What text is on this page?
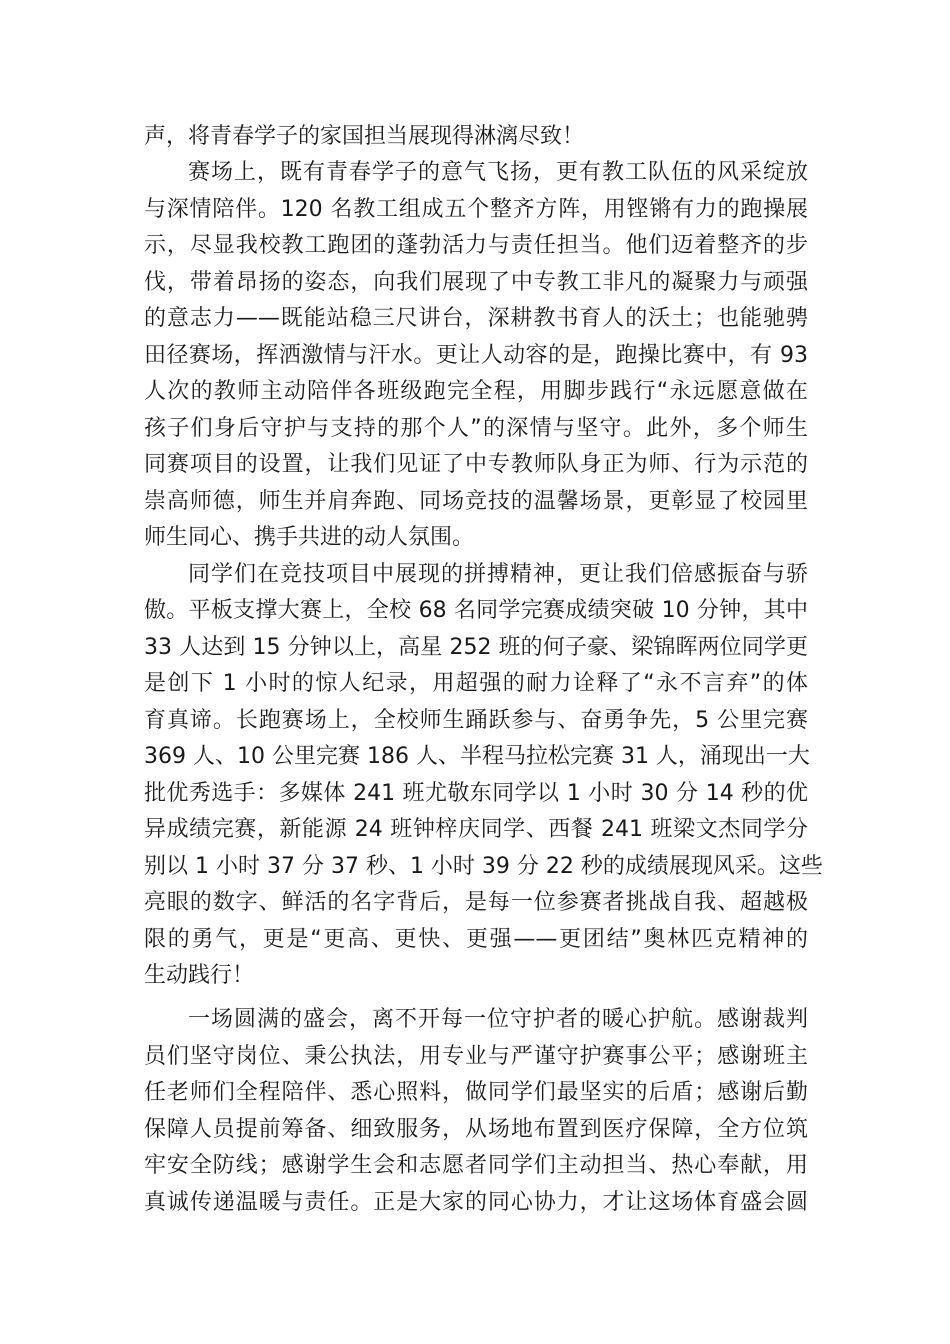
声，将青春学子的家国担当展现得淋漓尽致！
赛场上，既有青春学子的意气飞扬，更有教工队伍的风采绽放
与深情陪伴。120 名教工组成五个整齐方阵，用铿锵有力的跑操展
示，尽显我校教工跑团的蓬勃活力与责任担当。他们迈着整齐的步
伐，带着昂扬的姿态，向我们展现了中专教工非凡的凝聚力与顽强
的意志力——既能站稳三尺讲台，深耕教书育人的沃土；也能驰骋
田径赛场，挥洒激情与汗水。更让人动容的是，跑操比赛中，有 93
人次的教师主动陪伴各班级跑完全程，用脚步践行“永远愿意做在
孩子们身后守护与支持的那个人”的深情与坚守。此外，多个师生
同赛项目的设置，让我们见证了中专教师队身正为师、行为示范的
崇高师德，师生并肩奔跑、同场竞技的温馨场景，更彰显了校园里
师生同心、携手共进的动人氛围。
同学们在竞技项目中展现的拼搏精神，更让我们倍感振奋与骄
傲。平板支撑大赛上，全校 68 名同学完赛成绩突破 10 分钟，其中
33 人达到 15 分钟以上，高星 252 班的何子豪、梁锦晖两位同学更
是创下 1 小时的惊人纪录，用超强的耐力诠释了“永不言弃”的体
育真谛。长跑赛场上，全校师生踊跃参与、奋勇争先，5 公里完赛
369 人、10 公里完赛 186 人、半程马拉松完赛 31 人，涌现出一大
批优秀选手：多媒体 241 班尤敬东同学以 1 小时 30 分 14 秒的优
异成绩完赛，新能源 24 班钟梓庆同学、西餐 241 班梁文杰同学分
别以 1 小时 37 分 37 秒、1 小时 39 分 22 秒的成绩展现风采。这些
亮眼的数字、鲜活的名字背后，是每一位参赛者挑战自我、超越极
限的勇气，更是“更高、更快、更强——更团结”奥林匹克精神的
生动践行！
一场圆满的盛会，离不开每一位守护者的暖心护航。感谢裁判
员们坚守岗位、秉公执法，用专业与严谨守护赛事公平；感谢班主
任老师们全程陪伴、悉心照料，做同学们最坚实的后盾；感谢后勤
保障人员提前筹备、细致服务，从场地布置到医疗保障，全方位筑
牢安全防线；感谢学生会和志愿者同学们主动担当、热心奉献，用
真诚传递温暖与责任。正是大家的同心协力，才让这场体育盛会圆
